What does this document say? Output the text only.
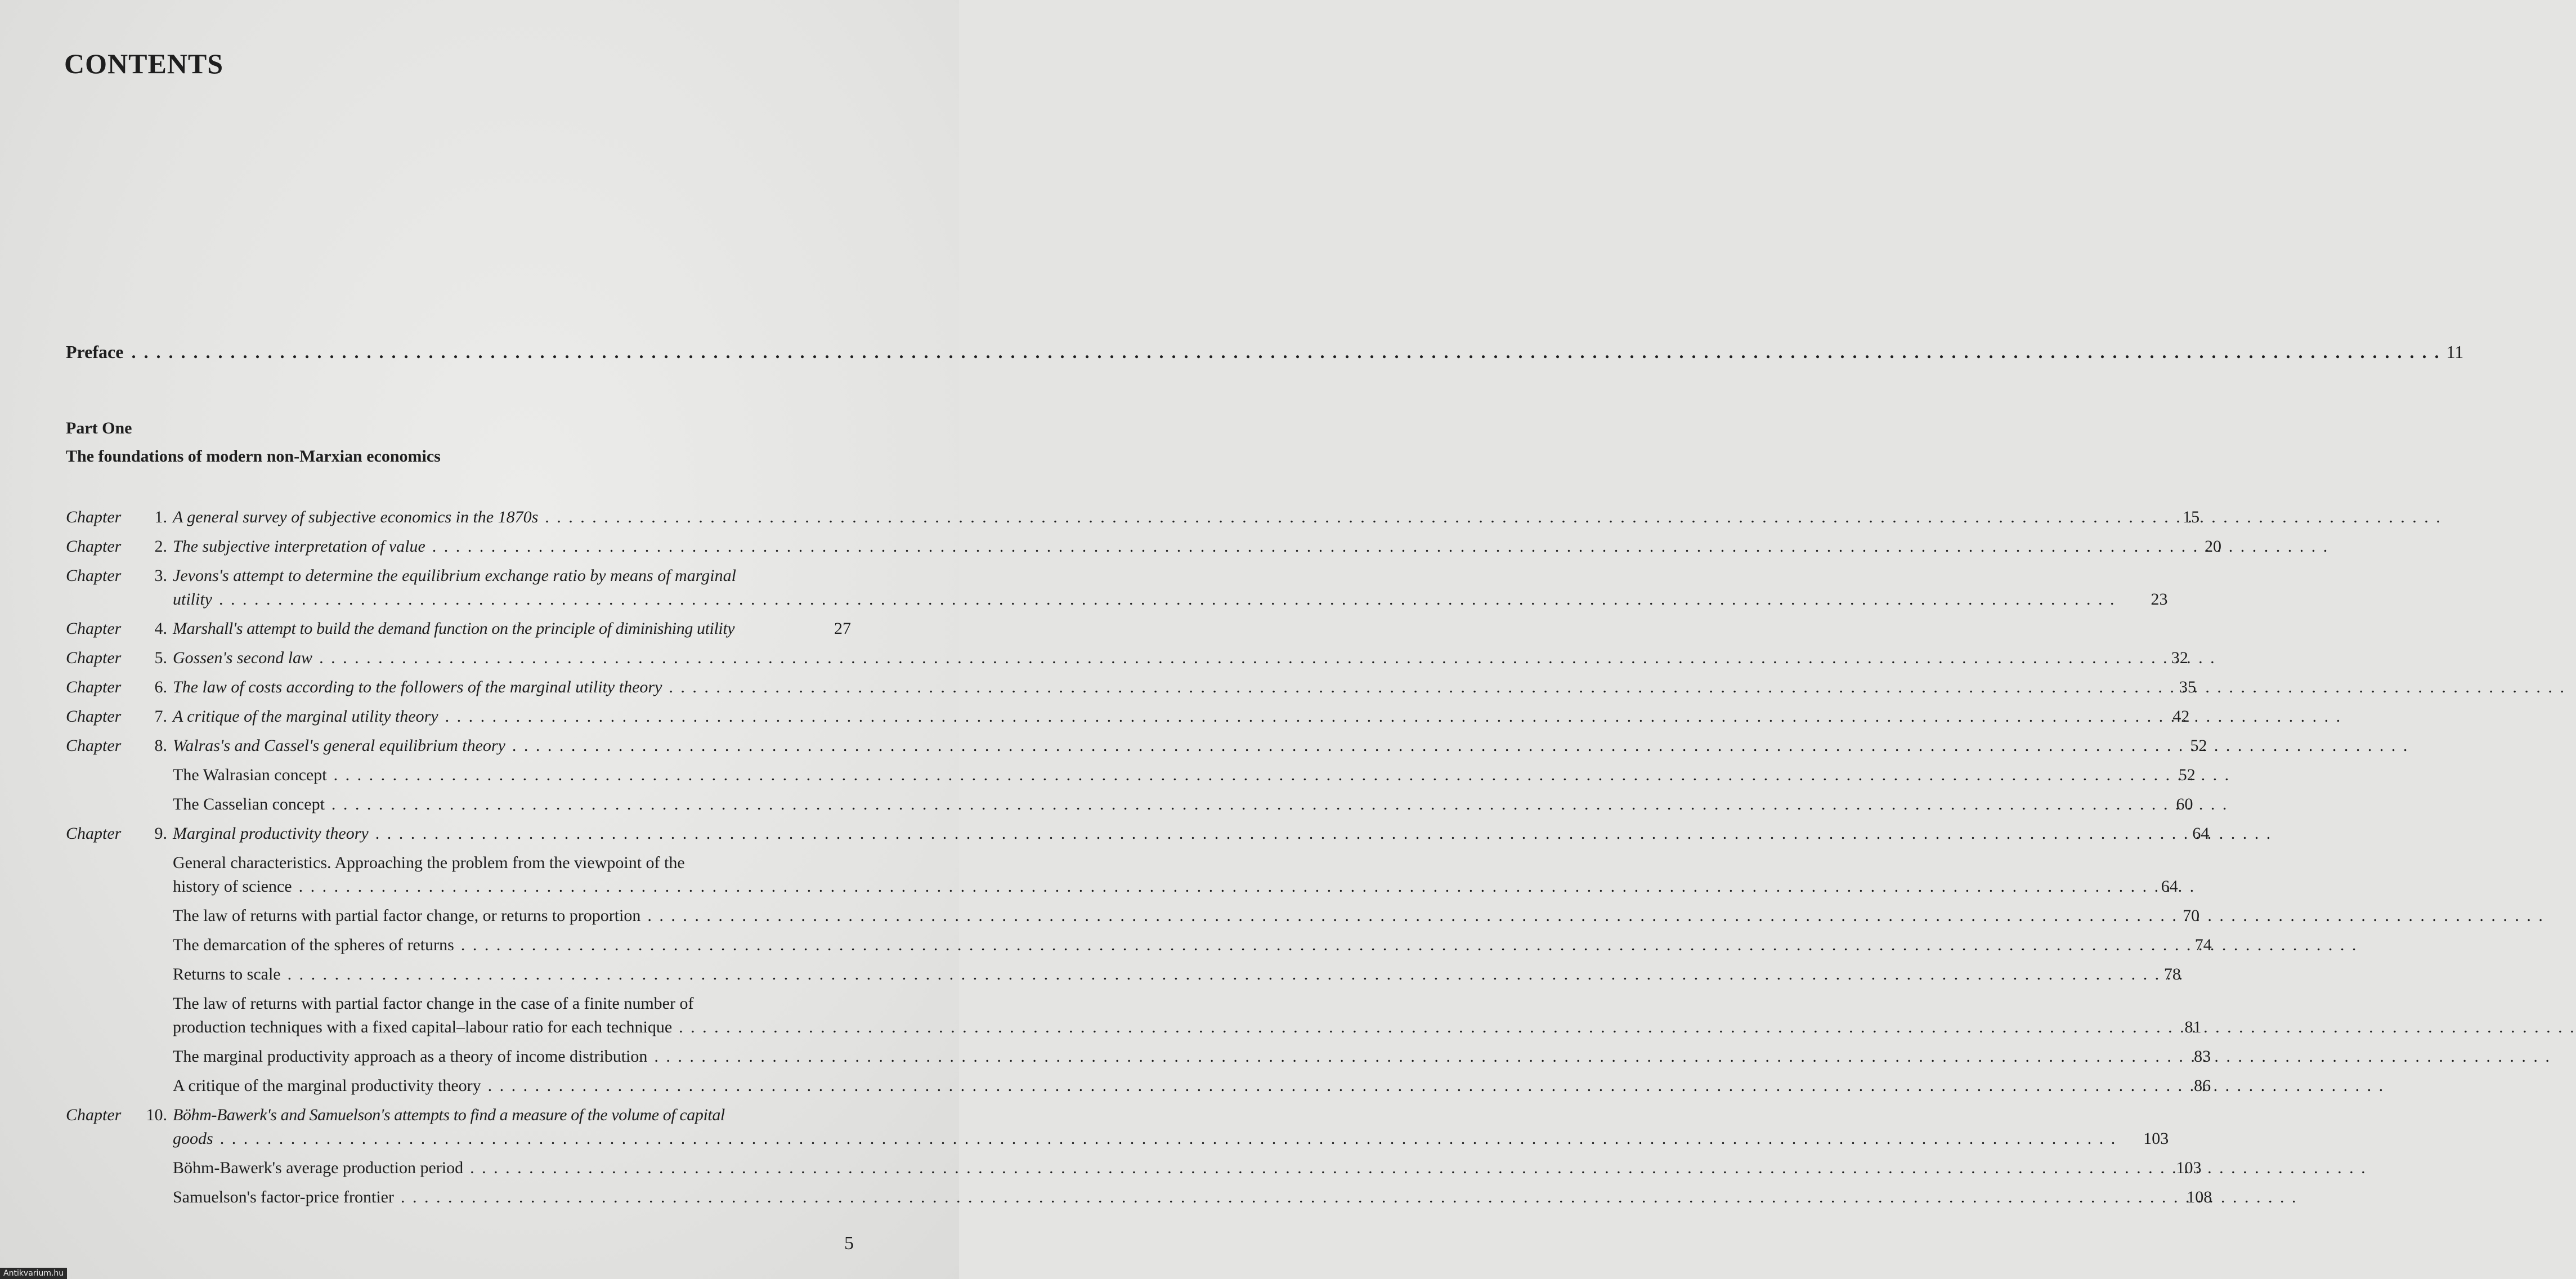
CONTENTS
Preface . . .	11
Part One
The foundations of modern non-Marxian economics
Chapter	1. A general survey of subjective economics in the 1870s . . .	15
Chapter	2. The subjective interpretation of value . . .	20
Chapter	3. Jevons's attempt to determine the equilibrium exchange ratio by means of marginal
utility . . .	23
Chapter	4. Marshall's attempt to build the demand function on the principle of diminishing utility	27
Chapter	5. Gossen's second law . . .	32
Chapter	6. The law of costs according to the followers of the marginal utility theory . . .	35
Chapter	7. A critique of the marginal utility theory . . .	42
Chapter	8. Walras's and Cassel's general equilibrium theory . . .	52
The Walrasian concept . . .	52
The Casselian concept . . .	60
Chapter	9. Marginal productivity theory . . .	64
General characteristics. Approaching the problem from the viewpoint of the
history of science . . .	64
The law of returns with partial factor change, or returns to proportion . . .	70
The demarcation of the spheres of returns . . .	74
Returns to scale . . .	78
The law of returns with partial factor change in the case of a finite number of
production techniques with a fixed capital–labour ratio for each technique . . .	81
The marginal productivity approach as a theory of income distribution . . .	83
A critique of the marginal productivity theory . . .	86
Chapter	10. Böhm-Bawerk's and Samuelson's attempts to find a measure of the volume of capital
goods . . .	103
Böhm-Bawerk's average production period . . .	103
Samuelson's factor-price frontier . . .	108
5
Antikvarium.hu
